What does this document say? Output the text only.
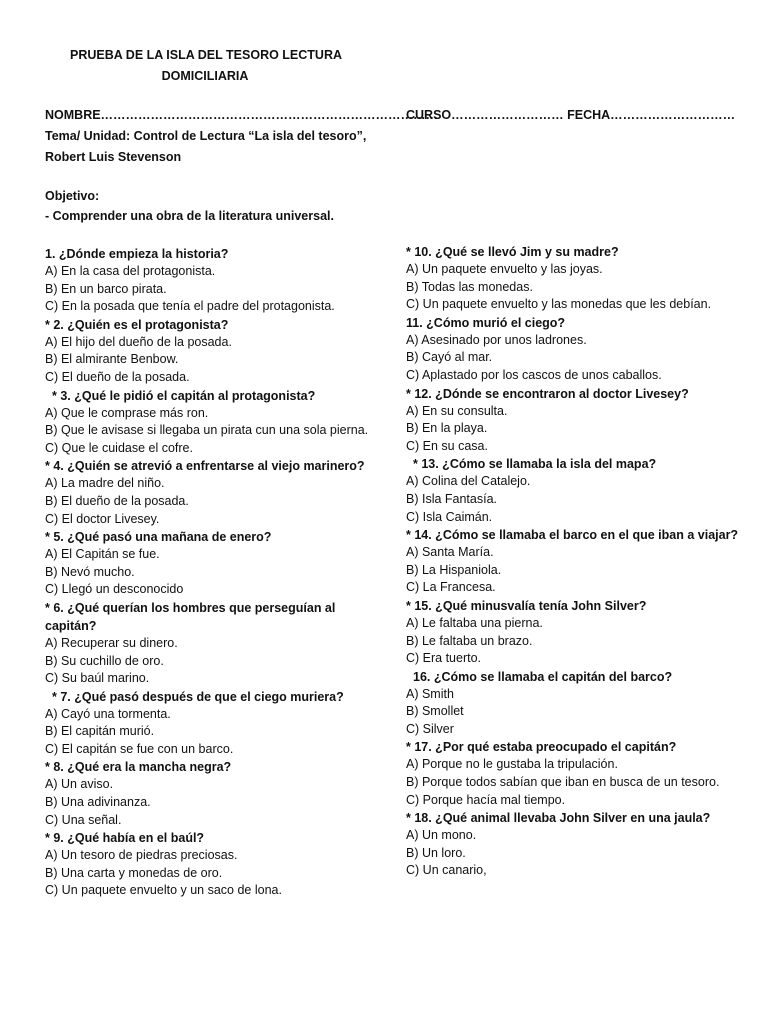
PRUEBA DE LA ISLA DEL TESORO LECTURA
DOMICILIARIA
NOMBRE………………………………………………………………………
Tema/ Unidad: Control de Lectura “La isla del tesoro”,
Robert Luis Stevenson
CURSO……………………… FECHA…………………………
Objetivo:
- Comprender una obra de la literatura universal.
1. ¿Dónde empieza la historia?
A) En la casa del protagonista.
B) En un barco pirata.
C) En la posada que tenía el padre del protagonista.
* 2. ¿Quién es el protagonista?
A) El hijo del dueño de la posada.
B) El almirante Benbow.
C) El dueño de la posada.
* 3. ¿Qué le pidió el capitán al protagonista?
A) Que le comprase más ron.
B) Que le avisase si llegaba un pirata cun una sola pierna.
C) Que le cuidase el cofre.
* 4. ¿Quién se atrevió a enfrentarse al viejo marinero?
A) La madre del niño.
B) El dueño de la posada.
C) El doctor Livesey.
* 5. ¿Qué pasó una mañana de enero?
A) El Capitán se fue.
B) Nevó mucho.
C) Llegó un desconocido
* 6. ¿Qué querían los hombres que perseguían al capitán?
A) Recuperar su dinero.
B) Su cuchillo de oro.
C) Su baúl marino.
* 7. ¿Qué pasó después de que el ciego muriera?
A) Cayó una tormenta.
B) El capitán murió.
C) El capitán se fue con un barco.
* 8. ¿Qué era la mancha negra?
A) Un aviso.
B) Una adivinanza.
C) Una señal.
* 9. ¿Qué había en el baúl?
A) Un tesoro de piedras preciosas.
B) Una carta y monedas de oro.
C) Un paquete envuelto y un saco de lona.
* 10. ¿Qué se llevó Jim y su madre?
A) Un paquete envuelto y las joyas.
B) Todas las monedas.
C) Un paquete envuelto y las monedas que les debían.
11. ¿Cómo murió el ciego?
A) Asesinado por unos ladrones.
B) Cayó al mar.
C) Aplastado por los cascos de unos caballos.
* 12. ¿Dónde se encontraron al doctor Livesey?
A) En su consulta.
B) En la playa.
C) En su casa.
* 13. ¿Cómo se llamaba la isla del mapa?
A) Colina del Catalejo.
B) Isla Fantasía.
C) Isla Caimán.
* 14. ¿Cómo se llamaba el barco en el que iban a viajar?
A) Santa María.
B) La Hispaniola.
C) La Francesa.
* 15. ¿Qué minusvalía tenía John Silver?
A) Le faltaba una pierna.
B) Le faltaba un brazo.
C) Era tuerto.
16. ¿Cómo se llamaba el capitán del barco?
A) Smith
B) Smollet
C) Silver
* 17. ¿Por qué estaba preocupado el capitán?
A) Porque no le gustaba la tripulación.
B) Porque todos sabían que iban en busca de un tesoro.
C) Porque hacía mal tiempo.
* 18. ¿Qué animal llevaba John Silver en una jaula?
A) Un mono.
B) Un loro.
C) Un canario,
